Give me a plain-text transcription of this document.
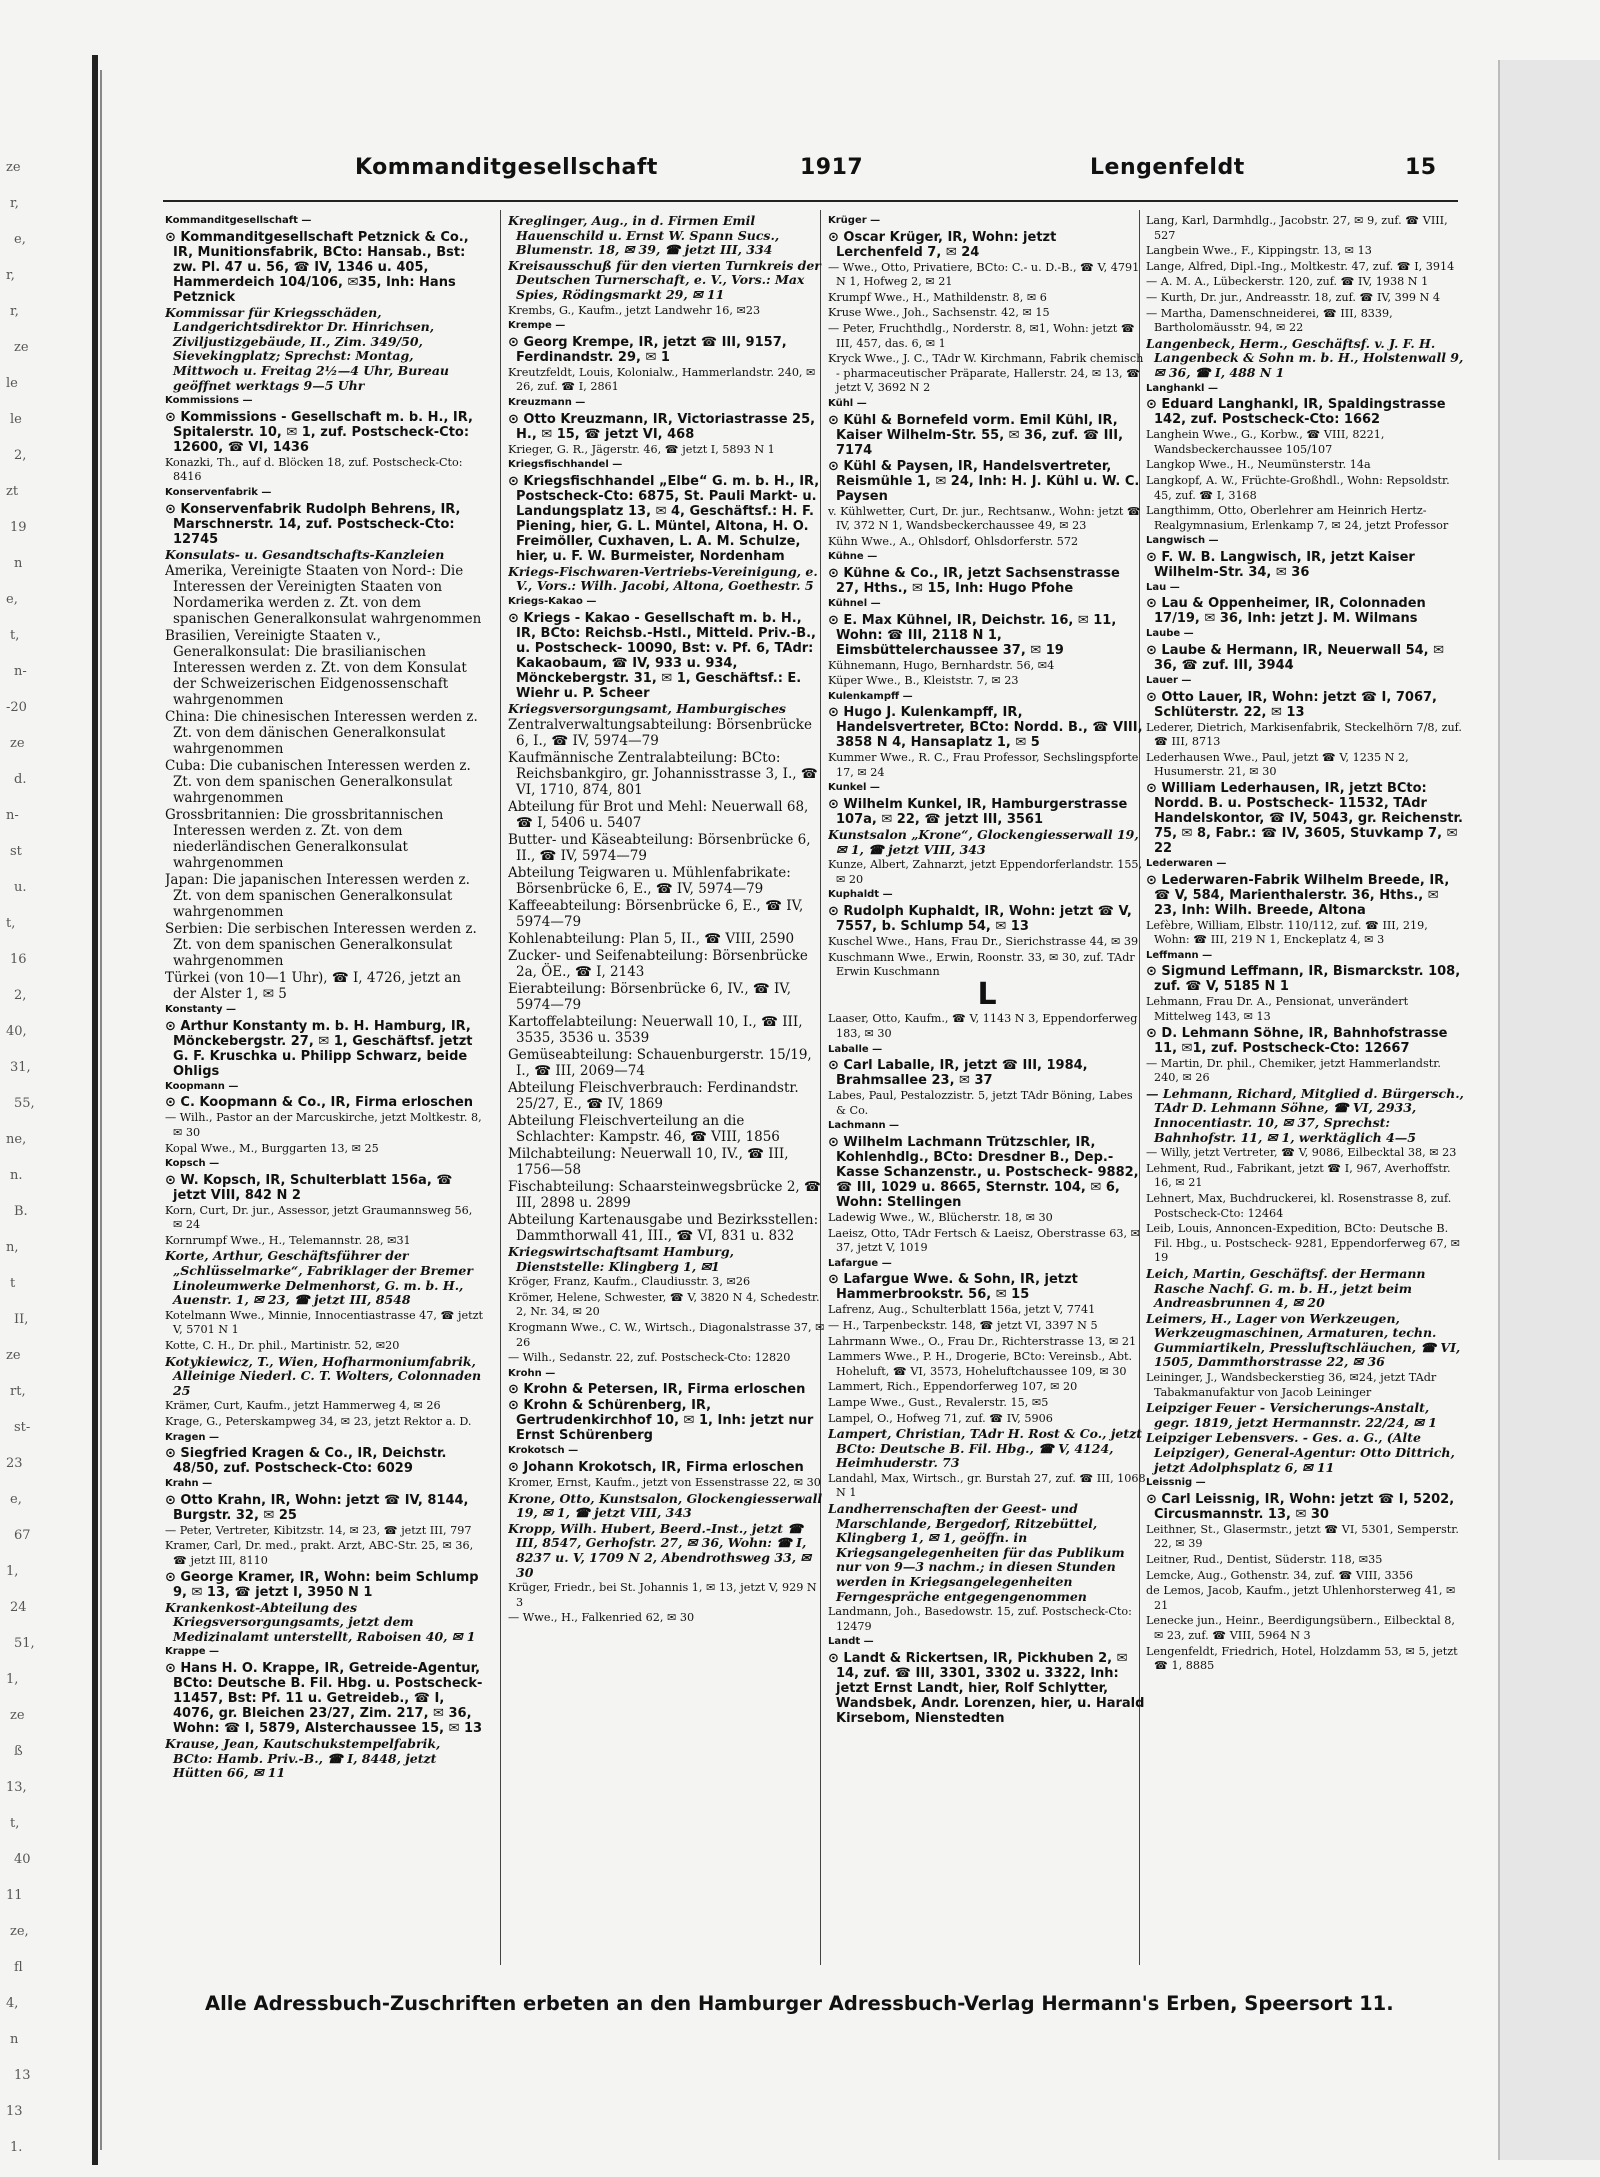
ze
r,
e,
r,
r,
ze
le
le
2,
zt
19
n
e,
t,
n-
-20
ze
d.
n-
st
u.
t,
16
2,
40,
31,
55,
ne,
n.
B.
n,
t
II,
ze
rt,
st-
23
e,
67
1,
24
51,
1,
ze
ß
13,
t,
40
11
ze,
fl
4,
n
13
13
1.
Kommanditgesellschaft	1917	Lengenfeldt	15
Kommanditgesellschaft —
⊙ Kommanditgesellschaft Petznick & Co., IR, Munitionsfabrik, BCto: Hansab., Bst: zw. Pl. 47 u. 56, ☎ IV, 1346 u. 405, Hammerdeich 104/106, ✉35, Inh: Hans Petznick
Kommissar für Kriegsschäden, Landgerichtsdirektor Dr. Hinrichsen, Ziviljustizgebäude, II., Zim. 349/50, Sievekingplatz; Sprechst: Montag, Mittwoch u. Freitag 2½—4 Uhr, Bureau geöffnet werktags 9—5 Uhr
Kommissions —
⊙ Kommissions - Gesellschaft m. b. H., IR, Spitalerstr. 10, ✉ 1, zuf. Postscheck-Cto: 12600, ☎ VI, 1436
Konazki, Th., auf d. Blöcken 18, zuf. Postscheck-Cto: 8416
Konservenfabrik —
⊙ Konservenfabrik Rudolph Behrens, IR, Marschnerstr. 14, zuf. Postscheck-Cto: 12745
Konsulats- u. Gesandtschafts-Kanzleien
Amerika, Vereinigte Staaten von Nord-: Die Interessen der Vereinigten Staaten von Nordamerika werden z. Zt. von dem spanischen Generalkonsulat wahrgenommen
Brasilien, Vereinigte Staaten v., Generalkonsulat: Die brasilianischen Interessen werden z. Zt. von dem Konsulat der Schweizerischen Eidgenossenschaft wahrgenommen
China: Die chinesischen Interessen werden z. Zt. von dem dänischen Generalkonsulat wahrgenommen
Cuba: Die cubanischen Interessen werden z. Zt. von dem spanischen Generalkonsulat wahrgenommen
Grossbritannien: Die grossbritannischen Interessen werden z. Zt. von dem niederländischen Generalkonsulat wahrgenommen
Japan: Die japanischen Interessen werden z. Zt. von dem spanischen Generalkonsulat wahrgenommen
Serbien: Die serbischen Interessen werden z. Zt. von dem spanischen Generalkonsulat wahrgenommen
Türkei (von 10—1 Uhr), ☎ I, 4726, jetzt an der Alster 1, ✉ 5
Konstanty —
⊙ Arthur Konstanty m. b. H. Hamburg, IR, Mönckebergstr. 27, ✉ 1, Geschäftsf. jetzt G. F. Kruschka u. Philipp Schwarz, beide Ohligs
Koopmann —
⊙ C. Koopmann & Co., IR, Firma erloschen
— Wilh., Pastor an der Marcuskirche, jetzt Moltkestr. 8, ✉ 30
Kopal Wwe., M., Burggarten 13, ✉ 25
Kopsch —
⊙ W. Kopsch, IR, Schulterblatt 156a, ☎ jetzt VIII, 842 N 2
Korn, Curt, Dr. jur., Assessor, jetzt Graumannsweg 56, ✉ 24
Kornrumpf Wwe., H., Telemannstr. 28, ✉31
Korte, Arthur, Geschäftsführer der „Schlüsselmarke“, Fabriklager der Bremer Linoleumwerke Delmenhorst, G. m. b. H., Auenstr. 1, ✉ 23, ☎ jetzt III, 8548
Kotelmann Wwe., Minnie, Innocentiastrasse 47, ☎ jetzt V, 5701 N 1
Kotte, C. H., Dr. phil., Martinistr. 52, ✉20
Kotykiewicz, T., Wien, Hofharmoniumfabrik, Alleinige Niederl. C. T. Wolters, Colonnaden 25
Krämer, Curt, Kaufm., jetzt Hammerweg 4, ✉ 26
Krage, G., Peterskampweg 34, ✉ 23, jetzt Rektor a. D.
Kragen —
⊙ Siegfried Kragen & Co., IR, Deichstr. 48/50, zuf. Postscheck-Cto: 6029
Krahn —
⊙ Otto Krahn, IR, Wohn: jetzt ☎ IV, 8144, Burgstr. 32, ✉ 25
— Peter, Vertreter, Kibitzstr. 14, ✉ 23, ☎ jetzt III, 797
Kramer, Carl, Dr. med., prakt. Arzt, ABC-Str. 25, ✉ 36, ☎ jetzt III, 8110
⊙ George Kramer, IR, Wohn: beim Schlump 9, ✉ 13, ☎ jetzt I, 3950 N 1
Krankenkost-Abteilung des Kriegsversorgungsamts, jetzt dem Medizinalamt unterstellt, Raboisen 40, ✉ 1
Krappe —
⊙ Hans H. O. Krappe, IR, Getreide-Agentur, BCto: Deutsche B. Fil. Hbg. u. Postscheck- 11457, Bst: Pf. 11 u. Getreideb., ☎ I, 4076, gr. Bleichen 23/27, Zim. 217, ✉ 36, Wohn: ☎ I, 5879, Alsterchaussee 15, ✉ 13
Krause, Jean, Kautschukstempelfabrik, BCto: Hamb. Priv.-B., ☎ I, 8448, jetzt Hütten 66, ✉ 11
Kreglinger, Aug., in d. Firmen Emil Hauenschild u. Ernst W. Spann Sucs., Blumenstr. 18, ✉ 39, ☎ jetzt III, 334
Kreisausschuß für den vierten Turnkreis der Deutschen Turnerschaft, e. V., Vors.: Max Spies, Rödingsmarkt 29, ✉ 11
Krembs, G., Kaufm., jetzt Landwehr 16, ✉23
Krempe —
⊙ Georg Krempe, IR, jetzt ☎ III, 9157, Ferdinandstr. 29, ✉ 1
Kreutzfeldt, Louis, Kolonialw., Hammerlandstr. 240, ✉ 26, zuf. ☎ I, 2861
Kreuzmann —
⊙ Otto Kreuzmann, IR, Victoriastrasse 25, H., ✉ 15, ☎ jetzt VI, 468
Krieger, G. R., Jägerstr. 46, ☎ jetzt I, 5893 N 1
Kriegsfischhandel —
⊙ Kriegsfischhandel „Elbe“ G. m. b. H., IR, Postscheck-Cto: 6875, St. Pauli Markt- u. Landungsplatz 13, ✉ 4, Geschäftsf.: H. F. Piening, hier, G. L. Müntel, Altona, H. O. Freimöller, Cuxhaven, L. A. M. Schulze, hier, u. F. W. Burmeister, Nordenham
Kriegs-Fischwaren-Vertriebs-Vereinigung, e. V., Vors.: Wilh. Jacobi, Altona, Goethestr. 5
Kriegs-Kakao —
⊙ Kriegs - Kakao - Gesellschaft m. b. H., IR, BCto: Reichsb.-Hstl., Mitteld. Priv.-B., u. Postscheck- 10090, Bst: v. Pf. 6, TAdr: Kakaobaum, ☎ IV, 933 u. 934, Mönckebergstr. 31, ✉ 1, Geschäftsf.: E. Wiehr u. P. Scheer
Kriegsversorgungsamt, Hamburgisches
Zentralverwaltungsabteilung: Börsenbrücke 6, I., ☎ IV, 5974—79
Kaufmännische Zentralabteilung: BCto: Reichsbankgiro, gr. Johannisstrasse 3, I., ☎ VI, 1710, 874, 801
Abteilung für Brot und Mehl: Neuerwall 68, ☎ I, 5406 u. 5407
Butter- und Käseabteilung: Börsenbrücke 6, II., ☎ IV, 5974—79
Abteilung Teigwaren u. Mühlenfabrikate: Börsenbrücke 6, E., ☎ IV, 5974—79
Kaffeeabteilung: Börsenbrücke 6, E., ☎ IV, 5974—79
Kohlenabteilung: Plan 5, II., ☎ VIII, 2590
Zucker- und Seifenabteilung: Börsenbrücke 2a, ÖE., ☎ I, 2143
Eierabteilung: Börsenbrücke 6, IV., ☎ IV, 5974—79
Kartoffelabteilung: Neuerwall 10, I., ☎ III, 3535, 3536 u. 3539
Gemüseabteilung: Schauenburgerstr. 15/19, I., ☎ III, 2069—74
Abteilung Fleischverbrauch: Ferdinandstr. 25/27, E., ☎ IV, 1869
Abteilung Fleischverteilung an die Schlachter: Kampstr. 46, ☎ VIII, 1856
Milchabteilung: Neuerwall 10, IV., ☎ III, 1756—58
Fischabteilung: Schaarsteinwegsbrücke 2, ☎ III, 2898 u. 2899
Abteilung Kartenausgabe und Bezirksstellen: Dammthorwall 41, III., ☎ VI, 831 u. 832
Kriegswirtschaftsamt Hamburg, Dienststelle: Klingberg 1, ✉1
Kröger, Franz, Kaufm., Claudiusstr. 3, ✉26
Krömer, Helene, Schwester, ☎ V, 3820 N 4, Schedestr. 2, Nr. 34, ✉ 20
Krogmann Wwe., C. W., Wirtsch., Diagonalstrasse 37, ✉ 26
— Wilh., Sedanstr. 22, zuf. Postscheck-Cto: 12820
Krohn —
⊙ Krohn & Petersen, IR, Firma erloschen
⊙ Krohn & Schürenberg, IR, Gertrudenkirchhof 10, ✉ 1, Inh: jetzt nur Ernst Schürenberg
Krokotsch —
⊙ Johann Krokotsch, IR, Firma erloschen
Kromer, Ernst, Kaufm., jetzt von Essenstrasse 22, ✉ 30
Krone, Otto, Kunstsalon, Glockengiesserwall 19, ✉ 1, ☎ jetzt VIII, 343
Kropp, Wilh. Hubert, Beerd.-Inst., jetzt ☎ III, 8547, Gerhofstr. 27, ✉ 36, Wohn: ☎ I, 8237 u. V, 1709 N 2, Abendrothsweg 33, ✉ 30
Krüger, Friedr., bei St. Johannis 1, ✉ 13, jetzt V, 929 N 3
— Wwe., H., Falkenried 62, ✉ 30
Krüger —
⊙ Oscar Krüger, IR, Wohn: jetzt Lerchenfeld 7, ✉ 24
— Wwe., Otto, Privatiere, BCto: C.- u. D.-B., ☎ V, 4791 N 1, Hofweg 2, ✉ 21
Krumpf Wwe., H., Mathildenstr. 8, ✉ 6
Kruse Wwe., Joh., Sachsenstr. 42, ✉ 15
— Peter, Fruchthdlg., Norderstr. 8, ✉1, Wohn: jetzt ☎ III, 457, das. 6, ✉ 1
Kryck Wwe., J. C., TAdr W. Kirchmann, Fabrik chemisch - pharmaceutischer Präparate, Hallerstr. 24, ✉ 13, ☎ jetzt V, 3692 N 2
Kühl —
⊙ Kühl & Bornefeld vorm. Emil Kühl, IR, Kaiser Wilhelm-Str. 55, ✉ 36, zuf. ☎ III, 7174
⊙ Kühl & Paysen, IR, Handelsvertreter, Reismühle 1, ✉ 24, Inh: H. J. Kühl u. W. C. Paysen
v. Kühlwetter, Curt, Dr. jur., Rechtsanw., Wohn: jetzt ☎ IV, 372 N 1, Wandsbeckerchaussee 49, ✉ 23
Kühn Wwe., A., Ohlsdorf, Ohlsdorferstr. 572
Kühne —
⊙ Kühne & Co., IR, jetzt Sachsenstrasse 27, Hths., ✉ 15, Inh: Hugo Pfohe
Kühnel —
⊙ E. Max Kühnel, IR, Deichstr. 16, ✉ 11, Wohn: ☎ III, 2118 N 1, Eimsbüttelerchaussee 37, ✉ 19
Kühnemann, Hugo, Bernhardstr. 56, ✉4
Küper Wwe., B., Kleiststr. 7, ✉ 23
Kulenkampff —
⊙ Hugo J. Kulenkampff, IR, Handelsvertreter, BCto: Nordd. B., ☎ VIII, 3858 N 4, Hansaplatz 1, ✉ 5
Kummer Wwe., R. C., Frau Professor, Sechslingspforte 17, ✉ 24
Kunkel —
⊙ Wilhelm Kunkel, IR, Hamburgerstrasse 107a, ✉ 22, ☎ jetzt III, 3561
Kunstsalon „Krone“, Glockengiesserwall 19, ✉ 1, ☎ jetzt VIII, 343
Kunze, Albert, Zahnarzt, jetzt Eppendorferlandstr. 155, ✉ 20
Kuphaldt —
⊙ Rudolph Kuphaldt, IR, Wohn: jetzt ☎ V, 7557, b. Schlump 54, ✉ 13
Kuschel Wwe., Hans, Frau Dr., Sierichstrasse 44, ✉ 39
Kuschmann Wwe., Erwin, Roonstr. 33, ✉ 30, zuf. TAdr Erwin Kuschmann
L
Laaser, Otto, Kaufm., ☎ V, 1143 N 3, Eppendorferweg 183, ✉ 30
Laballe —
⊙ Carl Laballe, IR, jetzt ☎ III, 1984, Brahmsallee 23, ✉ 37
Labes, Paul, Pestalozzistr. 5, jetzt TAdr Böning, Labes & Co.
Lachmann —
⊙ Wilhelm Lachmann Trützschler, IR, Kohlenhdlg., BCto: Dresdner B., Dep.-Kasse Schanzenstr., u. Postscheck- 9882, ☎ III, 1029 u. 8665, Sternstr. 104, ✉ 6, Wohn: Stellingen
Ladewig Wwe., W., Blücherstr. 18, ✉ 30
Laeisz, Otto, TAdr Fertsch & Laeisz, Oberstrasse 63, ✉ 37, jetzt V, 1019
Lafargue —
⊙ Lafargue Wwe. & Sohn, IR, jetzt Hammerbrookstr. 56, ✉ 15
Lafrenz, Aug., Schulterblatt 156a, jetzt V, 7741
— H., Tarpenbeckstr. 148, ☎ jetzt VI, 3397 N 5
Lahrmann Wwe., O., Frau Dr., Richterstrasse 13, ✉ 21
Lammers Wwe., P. H., Drogerie, BCto: Vereinsb., Abt. Hoheluft, ☎ VI, 3573, Hoheluftchaussee 109, ✉ 30
Lammert, Rich., Eppendorferweg 107, ✉ 20
Lampe Wwe., Gust., Revalerstr. 15, ✉5
Lampel, O., Hofweg 71, zuf. ☎ IV, 5906
Lampert, Christian, TAdr H. Rost & Co., jetzt BCto: Deutsche B. Fil. Hbg., ☎ V, 4124, Heimhuderstr. 73
Landahl, Max, Wirtsch., gr. Burstah 27, zuf. ☎ III, 1068 N 1
Landherrenschaften der Geest- und Marschlande, Bergedorf, Ritzebüttel, Klingberg 1, ✉ 1, geöffn. in Kriegsangelegenheiten für das Publikum nur von 9—3 nachm.; in diesen Stunden werden in Kriegsangelegenheiten Ferngespräche entgegengenommen
Landmann, Joh., Basedowstr. 15, zuf. Postscheck-Cto: 12479
Landt —
⊙ Landt & Rickertsen, IR, Pickhuben 2, ✉ 14, zuf. ☎ III, 3301, 3302 u. 3322, Inh: jetzt Ernst Landt, hier, Rolf Schlytter, Wandsbek, Andr. Lorenzen, hier, u. Harald Kirsebom, Nienstedten
Lang, Karl, Darmhdlg., Jacobstr. 27, ✉ 9, zuf. ☎ VIII, 527
Langbein Wwe., F., Kippingstr. 13, ✉ 13
Lange, Alfred, Dipl.-Ing., Moltkestr. 47, zuf. ☎ I, 3914
— A. M. A., Lübeckerstr. 120, zuf. ☎ IV, 1938 N 1
— Kurth, Dr. jur., Andreasstr. 18, zuf. ☎ IV, 399 N 4
— Martha, Damenschneiderei, ☎ III, 8339, Bartholomäusstr. 94, ✉ 22
Langenbeck, Herm., Geschäftsf. v. J. F. H. Langenbeck & Sohn m. b. H., Holstenwall 9, ✉ 36, ☎ I, 488 N 1
Langhankl —
⊙ Eduard Langhankl, IR, Spaldingstrasse 142, zuf. Postscheck-Cto: 1662
Langhein Wwe., G., Korbw., ☎ VIII, 8221, Wandsbeckerchaussee 105/107
Langkop Wwe., H., Neumünsterstr. 14a
Langkopf, A. W., Früchte-Großhdl., Wohn: Repsoldstr. 45, zuf. ☎ I, 3168
Langthimm, Otto, Oberlehrer am Heinrich Hertz-Realgymnasium, Erlenkamp 7, ✉ 24, jetzt Professor
Langwisch —
⊙ F. W. B. Langwisch, IR, jetzt Kaiser Wilhelm-Str. 34, ✉ 36
Lau —
⊙ Lau & Oppenheimer, IR, Colonnaden 17/19, ✉ 36, Inh: jetzt J. M. Wilmans
Laube —
⊙ Laube & Hermann, IR, Neuerwall 54, ✉ 36, ☎ zuf. III, 3944
Lauer —
⊙ Otto Lauer, IR, Wohn: jetzt ☎ I, 7067, Schlüterstr. 22, ✉ 13
Lederer, Dietrich, Markisenfabrik, Steckelhörn 7/8, zuf. ☎ III, 8713
Lederhausen Wwe., Paul, jetzt ☎ V, 1235 N 2, Husumerstr. 21, ✉ 30
⊙ William Lederhausen, IR, jetzt BCto: Nordd. B. u. Postscheck- 11532, TAdr Handelskontor, ☎ IV, 5043, gr. Reichenstr. 75, ✉ 8, Fabr.: ☎ IV, 3605, Stuvkamp 7, ✉ 22
Lederwaren —
⊙ Lederwaren-Fabrik Wilhelm Breede, IR, ☎ V, 584, Marienthalerstr. 36, Hths., ✉ 23, Inh: Wilh. Breede, Altona
Lefèbre, William, Elbstr. 110/112, zuf. ☎ III, 219, Wohn: ☎ III, 219 N 1, Enckeplatz 4, ✉ 3
Leffmann —
⊙ Sigmund Leffmann, IR, Bismarckstr. 108, zuf. ☎ V, 5185 N 1
Lehmann, Frau Dr. A., Pensionat, unverändert Mittelweg 143, ✉ 13
⊙ D. Lehmann Söhne, IR, Bahnhofstrasse 11, ✉1, zuf. Postscheck-Cto: 12667
— Martin, Dr. phil., Chemiker, jetzt Hammerlandstr. 240, ✉ 26
— Lehmann, Richard, Mitglied d. Bürgersch., TAdr D. Lehmann Söhne, ☎ VI, 2933, Innocentiastr. 10, ✉ 37, Sprechst: Bahnhofstr. 11, ✉ 1, werktäglich 4—5
— Willy, jetzt Vertreter, ☎ V, 9086, Eilbecktal 38, ✉ 23
Lehment, Rud., Fabrikant, jetzt ☎ I, 967, Averhoffstr. 16, ✉ 21
Lehnert, Max, Buchdruckerei, kl. Rosenstrasse 8, zuf. Postscheck-Cto: 12464
Leib, Louis, Annoncen-Expedition, BCto: Deutsche B. Fil. Hbg., u. Postscheck- 9281, Eppendorferweg 67, ✉ 19
Leich, Martin, Geschäftsf. der Hermann Rasche Nachf. G. m. b. H., jetzt beim Andreasbrunnen 4, ✉ 20
Leimers, H., Lager von Werkzeugen, Werkzeugmaschinen, Armaturen, techn. Gummiartikeln, Pressluftschläuchen, ☎ VI, 1505, Dammthorstrasse 22, ✉ 36
Leininger, J., Wandsbeckerstieg 36, ✉24, jetzt TAdr Tabakmanufaktur von Jacob Leininger
Leipziger Feuer - Versicherungs-Anstalt, gegr. 1819, jetzt Hermannstr. 22/24, ✉ 1
Leipziger Lebensvers. - Ges. a. G., (Alte Leipziger), General-Agentur: Otto Dittrich, jetzt Adolphsplatz 6, ✉ 11
Leissnig —
⊙ Carl Leissnig, IR, Wohn: jetzt ☎ I, 5202, Circusmannstr. 13, ✉ 30
Leithner, St., Glasermstr., jetzt ☎ VI, 5301, Semperstr. 22, ✉ 39
Leitner, Rud., Dentist, Süderstr. 118, ✉35
Lemcke, Aug., Gothenstr. 34, zuf. ☎ VIII, 3356
de Lemos, Jacob, Kaufm., jetzt Uhlenhorsterweg 41, ✉ 21
Lenecke jun., Heinr., Beerdigungsübern., Eilbecktal 8, ✉ 23, zuf. ☎ VIII, 5964 N 3
Lengenfeldt, Friedrich, Hotel, Holzdamm 53, ✉ 5, jetzt ☎ 1, 8885
Alle Adressbuch-Zuschriften erbeten an den Hamburger Adressbuch-Verlag Hermann's Erben, Speersort 11.
